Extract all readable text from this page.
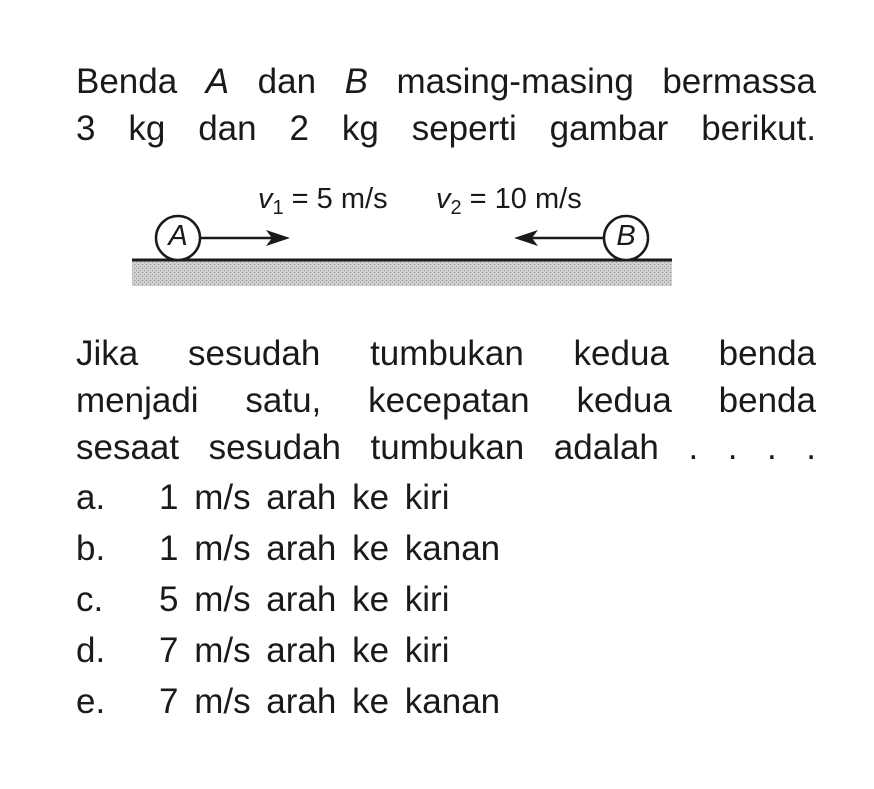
Benda A dan B masing-masing bermassa
3 kg dan 2 kg seperti gambar berikut.

A	B
$v_1 = 5$ m/s $v_2 = 10$ m/s

Jika sesudah tumbukan kedua benda
menjadi satu, kecepatan kedua benda
sesaat sesudah tumbukan adalah . . . .

a. 1 m/s arah ke kiri
b. 1 m/s arah ke kanan
c. 5 m/s arah ke kiri
d. 7 m/s arah ke kiri
e. 7 m/s arah ke kanan
